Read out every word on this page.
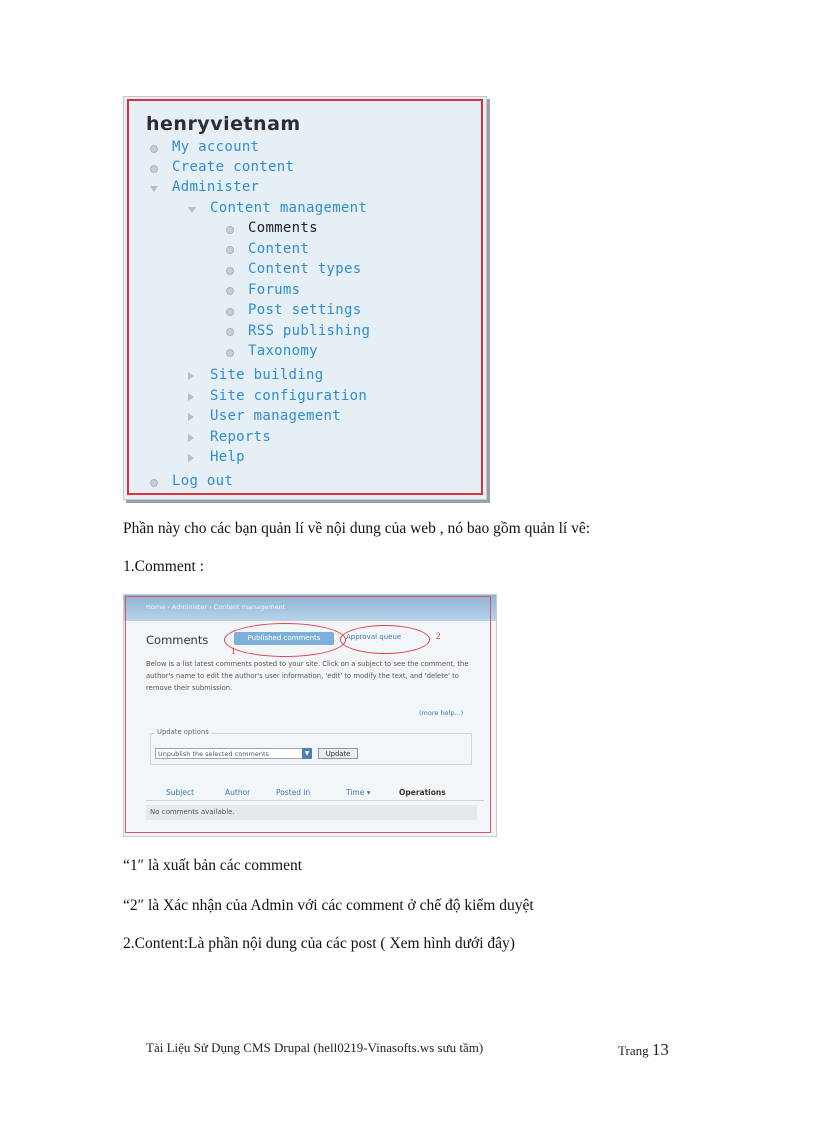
henryvietnam
My account
Create content
Administer
Content management
Comments
Content
Content types
Forums
Post settings
RSS publishing
Taxonomy
Site building
Site configuration
User management
Reports
Help
Log out
Phần này cho các bạn quản lí về nội dung của web , nó bao gồm quản lí vê:
1.Comment :
Home › Administer › Content management
Comments	Published comments	Approval queue
1
2
Below is a list latest comments posted to your site. Click on a subject to see the comment, the author's name to edit the author's user information, 'edit' to modify the text, and 'delete' to remove their submission.
(more help...)
Update options
Unpublish the selected comments	▼	Update
Subject	Author	Posted in	Time ▾	Operations
No comments available.
“1″ là xuất bản các comment
“2″ là Xác nhận của Admin với các comment ở chế độ kiểm duyệt
2.Content:Là phần nội dung của các post ( Xem hình dưới đây)
Tài Liệu Sử Dụng CMS Drupal (hell0219-Vinasofts.ws sưu tầm)	Trang 13
